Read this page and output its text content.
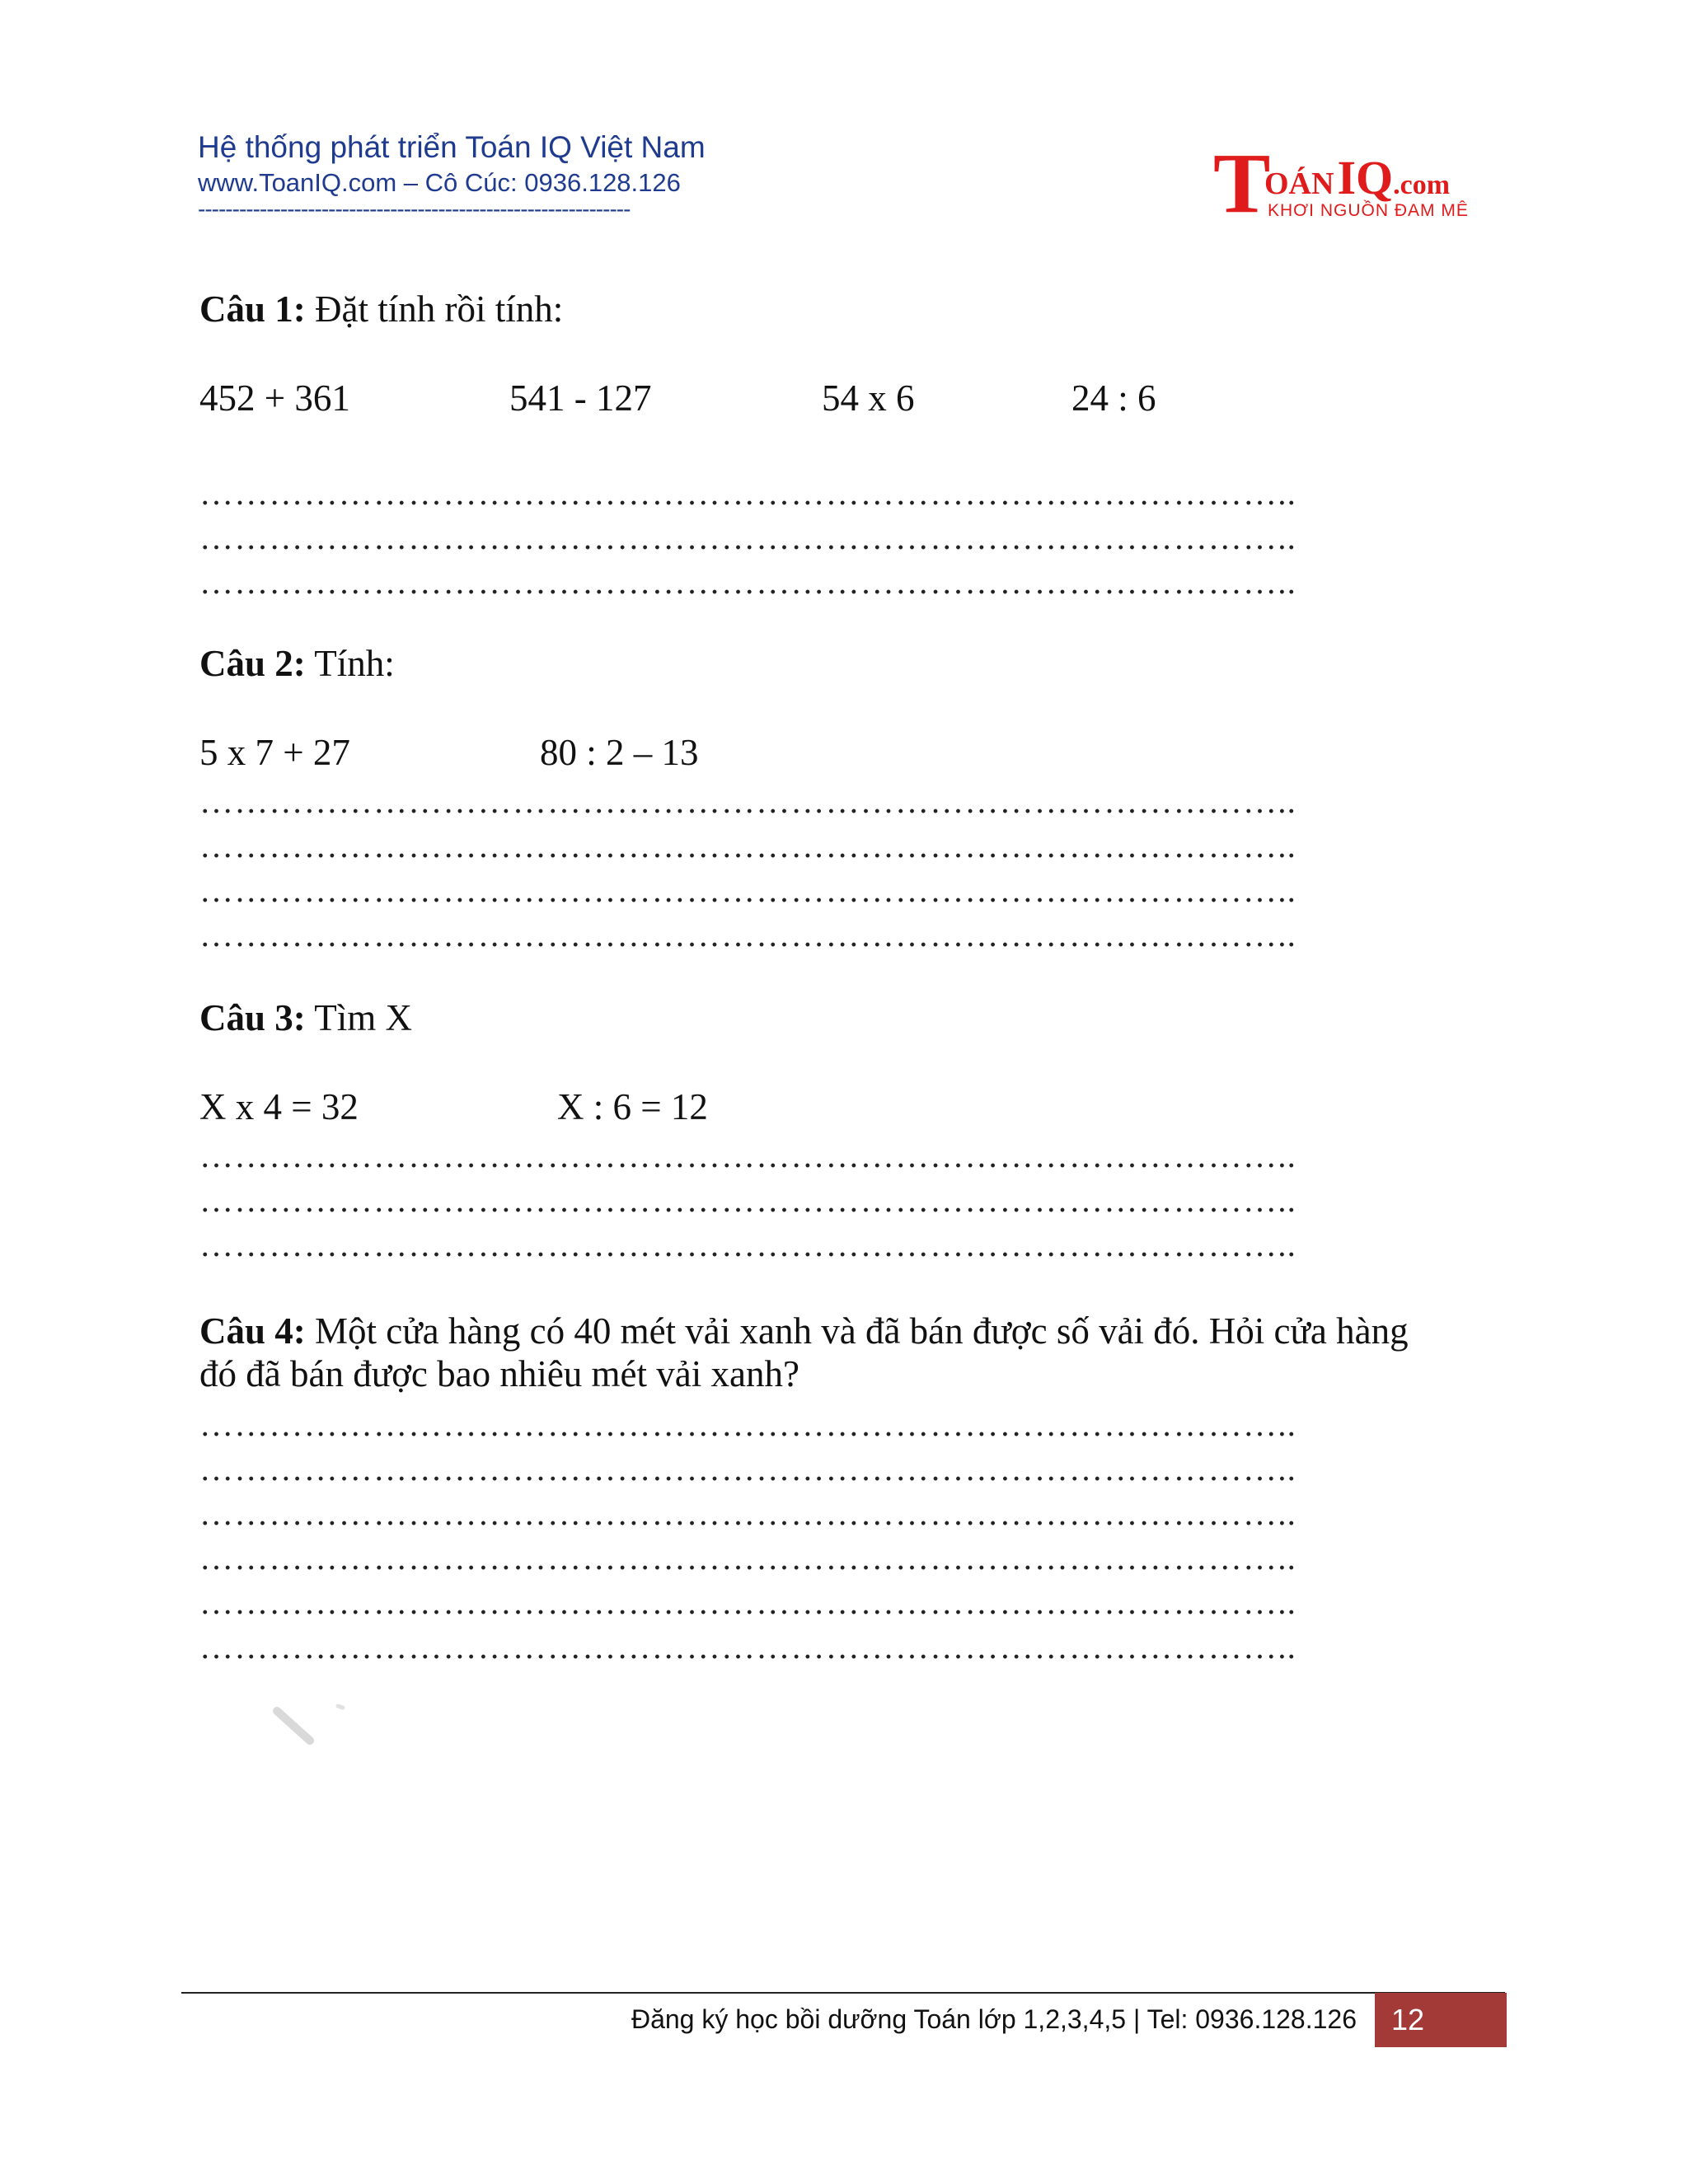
Hệ thống phát triển Toán IQ Việt Nam
www.ToanIQ.com – Cô Cúc: 0936.128.126
---------------------------------------------------------------	T
OÁN IQ.com
KHƠI NGUỒN ĐAM MÊ
Câu 1: Đặt tính rồi tính:
452 + 361	541 - 127	54 x 6	24 : 6
…………………………………………………………………………………..
…………………………………………………………………………………..
…………………………………………………………………………………..
Câu 2: Tính:
5 x 7 + 27	80 : 2 – 13
…………………………………………………………………………………..
…………………………………………………………………………………..
…………………………………………………………………………………..
…………………………………………………………………………………..
Câu 3: Tìm X
X x 4 = 32	X : 6 = 12
…………………………………………………………………………………..
…………………………………………………………………………………..
…………………………………………………………………………………..
Câu 4: Một cửa hàng có 40 mét vải xanh và đã bán được số vải đó. Hỏi cửa hàng
đó đã bán được bao nhiêu mét vải xanh?
…………………………………………………………………………………..
…………………………………………………………………………………..
…………………………………………………………………………………..
…………………………………………………………………………………..
…………………………………………………………………………………..
…………………………………………………………………………………..
Đăng ký học bồi dưỡng Toán lớp 1,2,3,4,5 | Tel: 0936.128.126 12
